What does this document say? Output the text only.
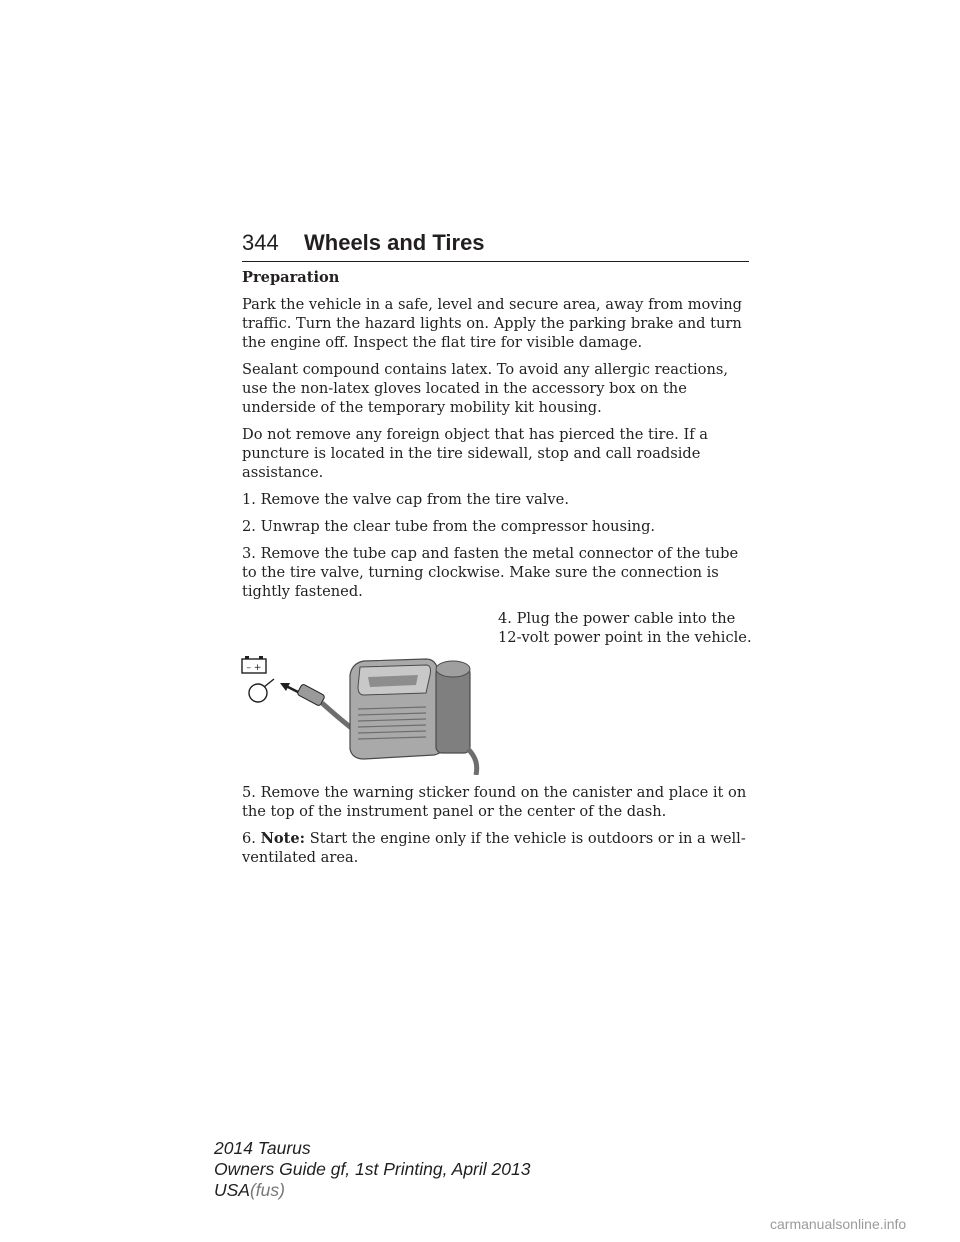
344 Wheels and Tires
Preparation

Park the vehicle in a safe, level and secure area, away from moving traffic. Turn the hazard lights on. Apply the parking brake and turn the engine off. Inspect the flat tire for visible damage.

Sealant compound contains latex. To avoid any allergic reactions, use the non-latex gloves located in the accessory box on the underside of the temporary mobility kit housing.

Do not remove any foreign object that has pierced the tire. If a puncture is located in the tire sidewall, stop and call roadside assistance.

1. Remove the valve cap from the tire valve.

2. Unwrap the clear tube from the compressor housing.

3. Remove the tube cap and fasten the metal connector of the tube to the tire valve, turning clockwise. Make sure the connection is tightly fastened.

4. Plug the power cable into the 12-volt power point in the vehicle.

– +

5. Remove the warning sticker found on the canister and place it on the top of the instrument panel or the center of the dash.

6. Note: Start the engine only if the vehicle is outdoors or in a well-ventilated area.

2014 Taurus
Owners Guide gf, 1st Printing, April 2013
USA(fus)
carmanualsonline.info
